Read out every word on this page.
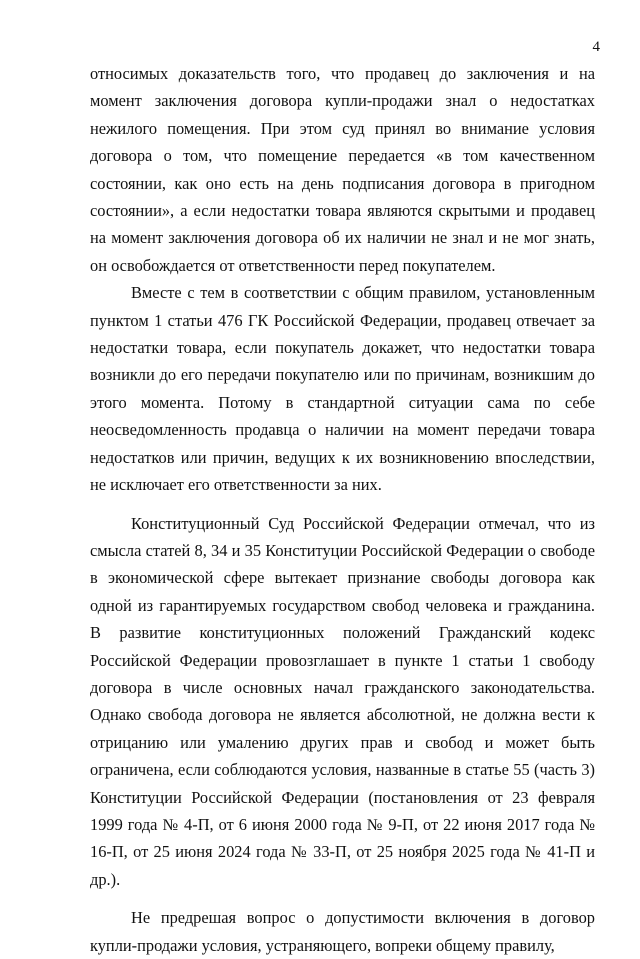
4

относимых доказательств того, что продавец до заключения и на момент заключения договора купли-продажи знал о недостатках нежилого помещения. При этом суд принял во внимание условия договора о том, что помещение передается «в том качественном состоянии, как оно есть на день подписания договора в пригодном состоянии», а если недостатки товара являются скрытыми и продавец на момент заключения договора об их наличии не знал и не мог знать, он освобождается от ответственности перед покупателем.

Вместе с тем в соответствии с общим правилом, установленным пунктом 1 статьи 476 ГК Российской Федерации, продавец отвечает за недостатки товара, если покупатель докажет, что недостатки товара возникли до его передачи покупателю или по причинам, возникшим до этого момента. Потому в стандартной ситуации сама по себе неосведомленность продавца о наличии на момент передачи товара недостатков или причин, ведущих к их возникновению впоследствии, не исключает его ответственности за них.

Конституционный Суд Российской Федерации отмечал, что из смысла статей 8, 34 и 35 Конституции Российской Федерации о свободе в экономической сфере вытекает признание свободы договора как одной из гарантируемых государством свобод человека и гражданина. В развитие конституционных положений Гражданский кодекс Российской Федерации провозглашает в пункте 1 статьи 1 свободу договора в числе основных начал гражданского законодательства. Однако свобода договора не является абсолютной, не должна вести к отрицанию или умалению других прав и свобод и может быть ограничена, если соблюдаются условия, названные в статье 55 (часть 3) Конституции Российской Федерации (постановления от 23 февраля 1999 года № 4-П, от 6 июня 2000 года № 9-П, от 22 июня 2017 года № 16-П, от 25 июня 2024 года № 33-П, от 25 ноября 2025 года № 41-П и др.).

Не предрешая вопрос о допустимости включения в договор купли-продажи условия, устраняющего, вопреки общему правилу,
